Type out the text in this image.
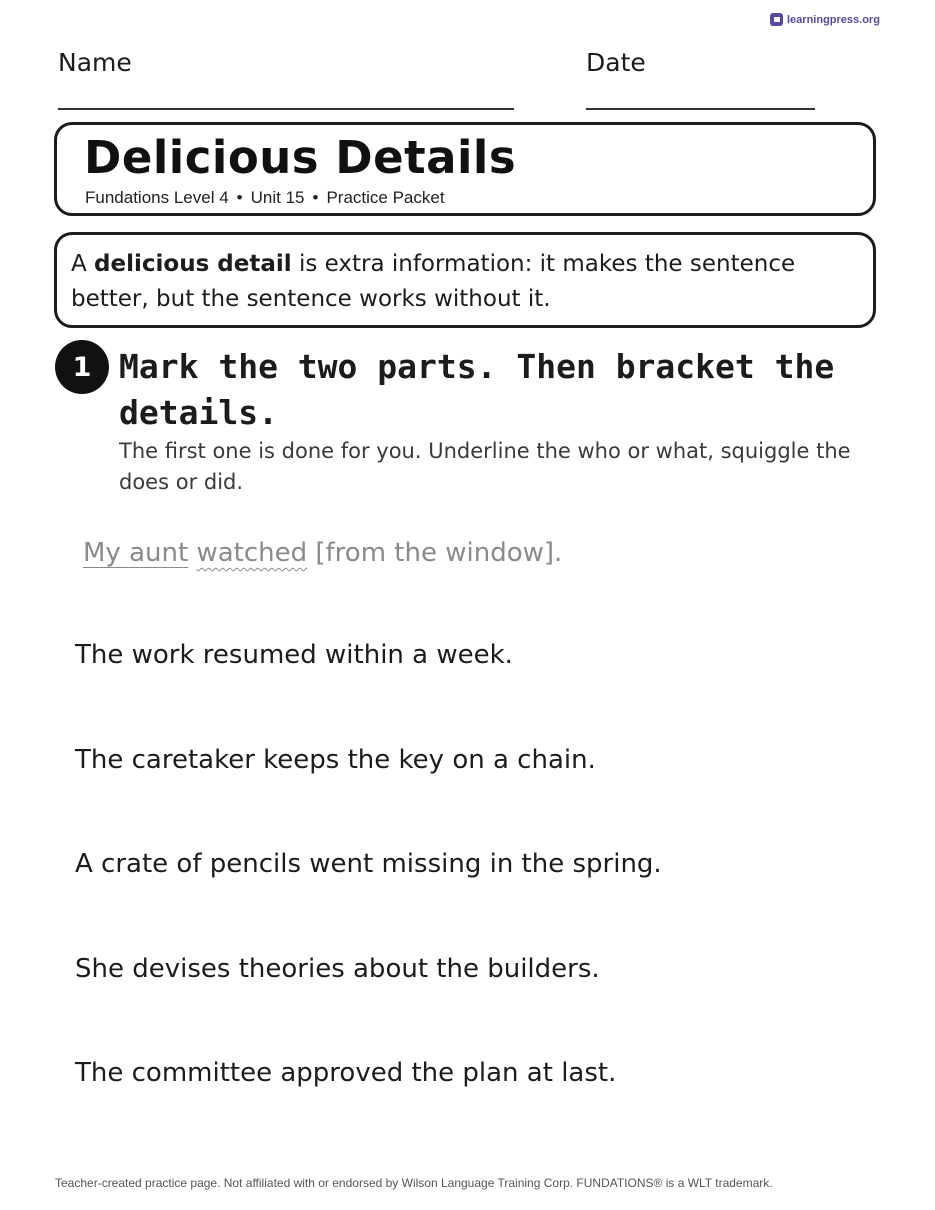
learningpress.org
Name	Date
Delicious Details
Fundations Level 4 • Unit 15 • Practice Packet
A delicious detail is extra information: it makes the sentence better, but the sentence works without it.
1 Mark the two parts. Then bracket the details.
The first one is done for you. Underline the who or what, squiggle the does or did.
My aunt watched [from the window].
The work resumed within a week.
The caretaker keeps the key on a chain.
A crate of pencils went missing in the spring.
She devises theories about the builders.
The committee approved the plan at last.
Teacher-created practice page. Not affiliated with or endorsed by Wilson Language Training Corp. FUNDATIONS® is a WLT trademark.
